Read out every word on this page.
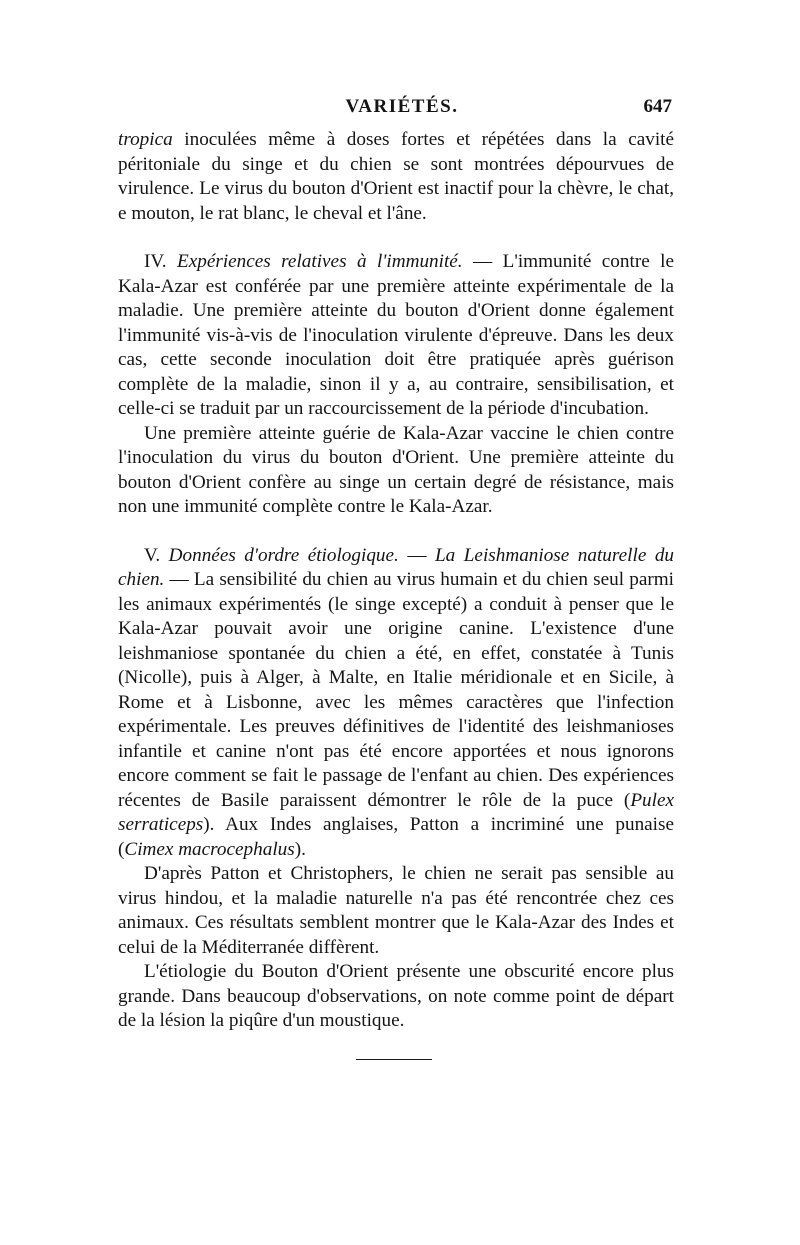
VARIÉTÉS.	647

tropica inoculées même à doses fortes et répétées dans la cavité péritoniale du singe et du chien se sont montrées dépourvues de virulence. Le virus du bouton d'Orient est inactif pour la chèvre, le chat, e mouton, le rat blanc, le cheval et l'âne.

IV. Expériences relatives à l'immunité. — L'immunité contre le Kala-Azar est conférée par une première atteinte expérimentale de la maladie. Une première atteinte du bouton d'Orient donne également l'immunité vis-à-vis de l'inoculation virulente d'épreuve. Dans les deux cas, cette seconde inoculation doit être pratiquée après guérison complète de la maladie, sinon il y a, au contraire, sensibilisation, et celle-ci se traduit par un raccourcissement de la période d'incubation.

Une première atteinte guérie de Kala-Azar vaccine le chien contre l'inoculation du virus du bouton d'Orient. Une première atteinte du bouton d'Orient confère au singe un certain degré de résistance, mais non une immunité complète contre le Kala-Azar.

V. Données d'ordre étiologique. — La Leishmaniose naturelle du chien. — La sensibilité du chien au virus humain et du chien seul parmi les animaux expérimentés (le singe excepté) a conduit à penser que le Kala-Azar pouvait avoir une origine canine. L'existence d'une leishmaniose spontanée du chien a été, en effet, constatée à Tunis (Nicolle), puis à Alger, à Malte, en Italie méridionale et en Sicile, à Rome et à Lisbonne, avec les mêmes caractères que l'infection expérimentale. Les preuves définitives de l'identité des leishmanioses infantile et canine n'ont pas été encore apportées et nous ignorons encore comment se fait le passage de l'enfant au chien. Des expériences récentes de Basile paraissent démontrer le rôle de la puce (Pulex serraticeps). Aux Indes anglaises, Patton a incriminé une punaise (Cimex macrocephalus).

D'après Patton et Christophers, le chien ne serait pas sensible au virus hindou, et la maladie naturelle n'a pas été rencontrée chez ces animaux. Ces résultats semblent montrer que le Kala-Azar des Indes et celui de la Méditerranée diffèrent.

L'étiologie du Bouton d'Orient présente une obscurité encore plus grande. Dans beaucoup d'observations, on note comme point de départ de la lésion la piqûre d'un moustique.
